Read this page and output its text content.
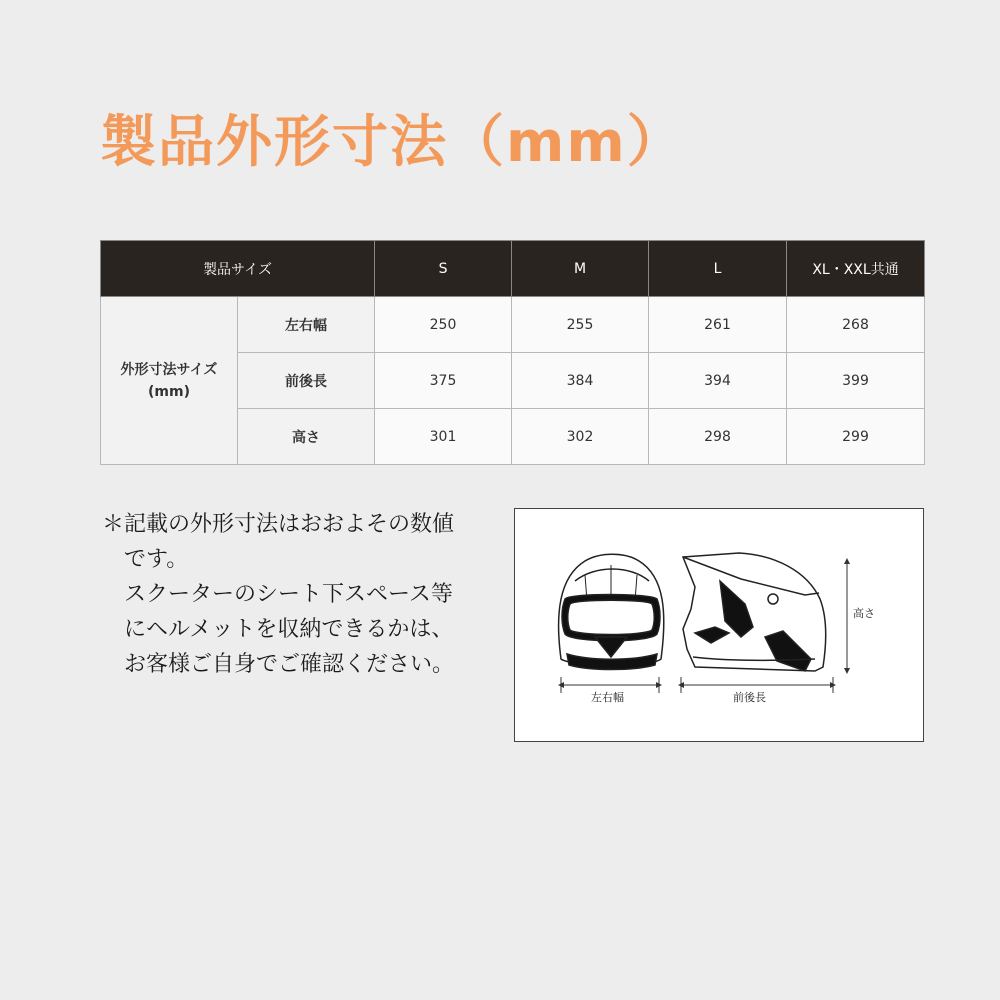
製品外形寸法（mm）
製品サイズ		S	M	L	XL・XXL共通
外形寸法サイズ
(mm)	左右幅	250	255	261	268
	前後長	375	384	394	399
	高さ	301	302	298	299
＊記載の外形寸法はおおよその数値
です。
スクーターのシート下スペース等
にヘルメットを収納できるかは、
お客様ご自身でご確認ください。
左右幅	前後長
高さ
